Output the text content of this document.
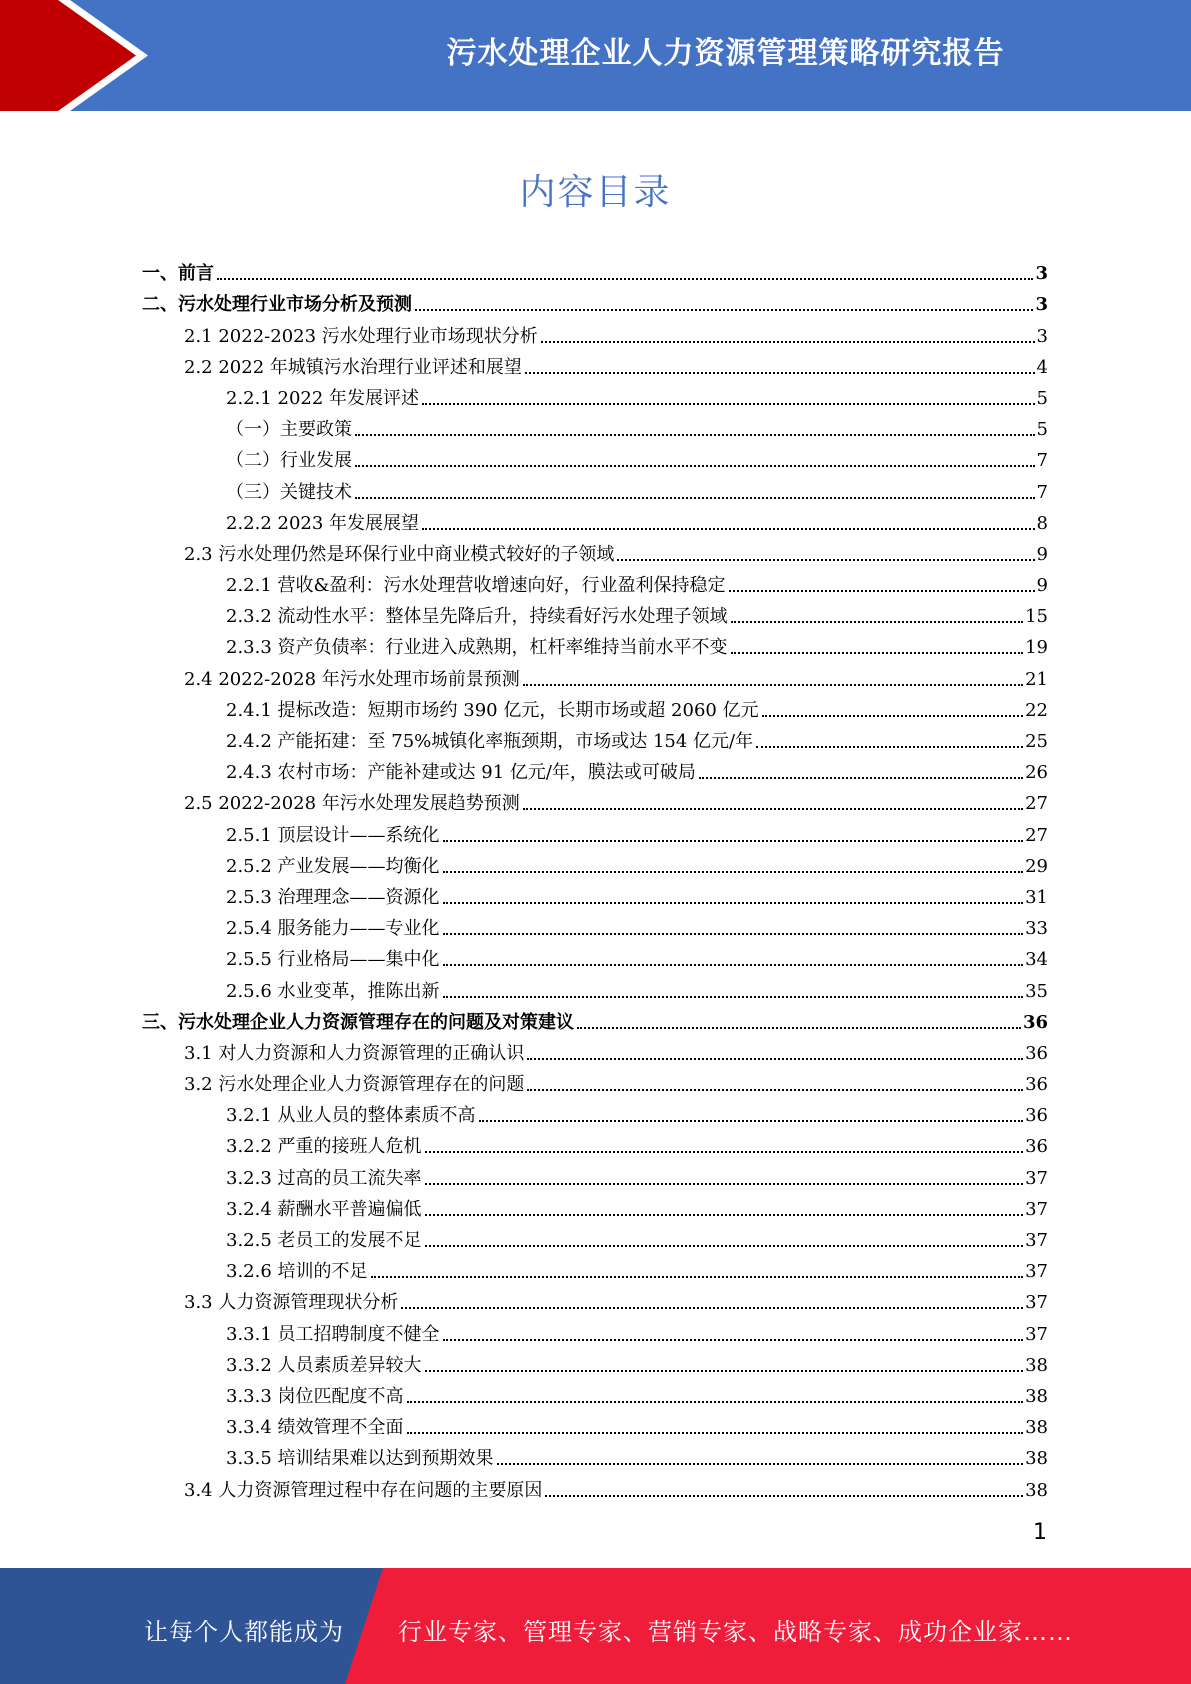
污水处理企业人力资源管理策略研究报告
内容目录
一、前言	3
二、污水处理行业市场分析及预测	3
2.1 2022-2023 污水处理行业市场现状分析	3
2.2 2022 年城镇污水治理行业评述和展望	4
2.2.1 2022 年发展评述	5
（一）主要政策	5
（二）行业发展	7
（三）关键技术	7
2.2.2 2023 年发展展望	8
2.3 污水处理仍然是环保行业中商业模式较好的子领域	9
2.2.1 营收&盈利：污水处理营收增速向好，行业盈利保持稳定	9
2.3.2 流动性水平：整体呈先降后升，持续看好污水处理子领域	15
2.3.3 资产负债率：行业进入成熟期，杠杆率维持当前水平不变	19
2.4 2022-2028 年污水处理市场前景预测	21
2.4.1 提标改造：短期市场约 390 亿元，长期市场或超 2060 亿元	22
2.4.2 产能拓建：至 75%城镇化率瓶颈期，市场或达 154 亿元/年	25
2.4.3 农村市场：产能补建或达 91 亿元/年，膜法或可破局	26
2.5 2022-2028 年污水处理发展趋势预测	27
2.5.1 顶层设计——系统化	27
2.5.2 产业发展——均衡化	29
2.5.3 治理理念——资源化	31
2.5.4 服务能力——专业化	33
2.5.5 行业格局——集中化	34
2.5.6 水业变革，推陈出新	35
三、污水处理企业人力资源管理存在的问题及对策建议	36
3.1 对人力资源和人力资源管理的正确认识	36
3.2 污水处理企业人力资源管理存在的问题	36
3.2.1 从业人员的整体素质不高	36
3.2.2 严重的接班人危机	36
3.2.3 过高的员工流失率	37
3.2.4 薪酬水平普遍偏低	37
3.2.5 老员工的发展不足	37
3.2.6 培训的不足	37
3.3 人力资源管理现状分析	37
3.3.1 员工招聘制度不健全	37
3.3.2 人员素质差异较大	38
3.3.3 岗位匹配度不高	38
3.3.4 绩效管理不全面	38
3.3.5 培训结果难以达到预期效果	38
3.4 人力资源管理过程中存在问题的主要原因	38
1
让每个人都能成为 行业专家、管理专家、营销专家、战略专家、成功企业家……
